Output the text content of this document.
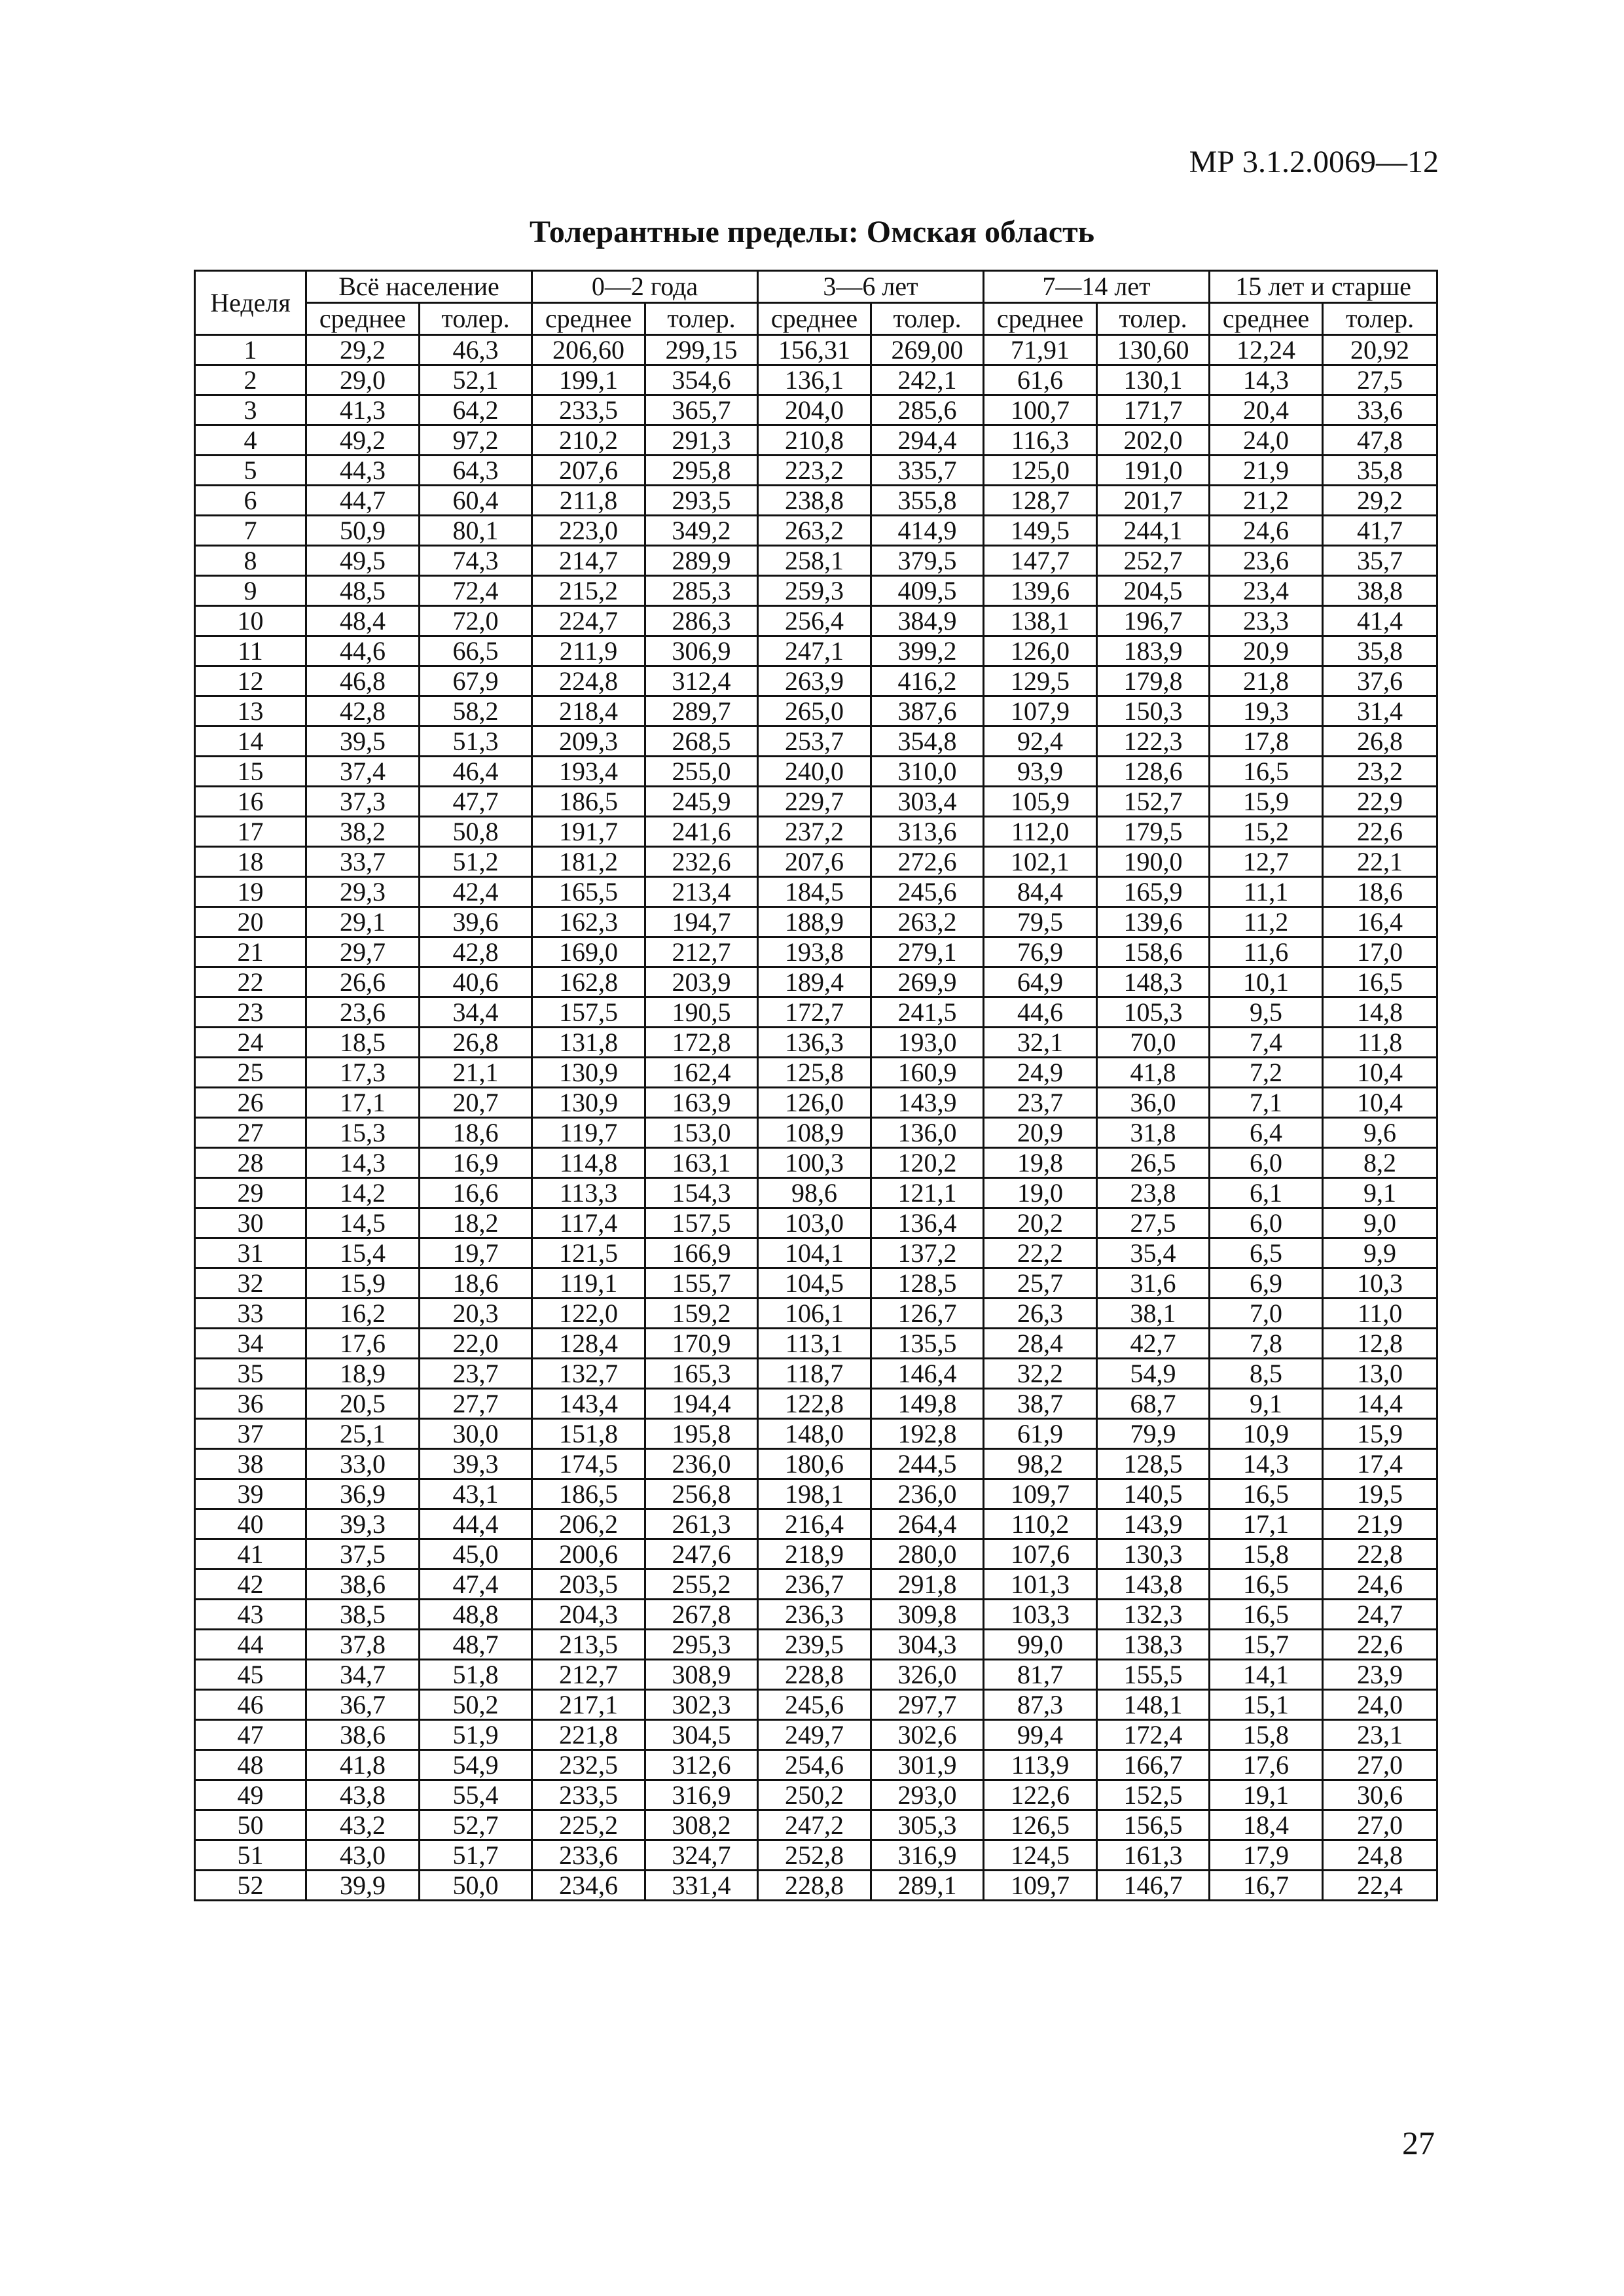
МР 3.1.2.0069—12
Толерантные пределы: Омская область
Неделя	Всё население		0—2 года		3—6 лет		7—14 лет		15 лет и старше	
	среднее	толер.	среднее	толер.	среднее	толер.	среднее	толер.	среднее	толер.
1	29,2	46,3	206,60	299,15	156,31	269,00	71,91	130,60	12,24	20,92
2	29,0	52,1	199,1	354,6	136,1	242,1	61,6	130,1	14,3	27,5
3	41,3	64,2	233,5	365,7	204,0	285,6	100,7	171,7	20,4	33,6
4	49,2	97,2	210,2	291,3	210,8	294,4	116,3	202,0	24,0	47,8
5	44,3	64,3	207,6	295,8	223,2	335,7	125,0	191,0	21,9	35,8
6	44,7	60,4	211,8	293,5	238,8	355,8	128,7	201,7	21,2	29,2
7	50,9	80,1	223,0	349,2	263,2	414,9	149,5	244,1	24,6	41,7
8	49,5	74,3	214,7	289,9	258,1	379,5	147,7	252,7	23,6	35,7
9	48,5	72,4	215,2	285,3	259,3	409,5	139,6	204,5	23,4	38,8
10	48,4	72,0	224,7	286,3	256,4	384,9	138,1	196,7	23,3	41,4
11	44,6	66,5	211,9	306,9	247,1	399,2	126,0	183,9	20,9	35,8
12	46,8	67,9	224,8	312,4	263,9	416,2	129,5	179,8	21,8	37,6
13	42,8	58,2	218,4	289,7	265,0	387,6	107,9	150,3	19,3	31,4
14	39,5	51,3	209,3	268,5	253,7	354,8	92,4	122,3	17,8	26,8
15	37,4	46,4	193,4	255,0	240,0	310,0	93,9	128,6	16,5	23,2
16	37,3	47,7	186,5	245,9	229,7	303,4	105,9	152,7	15,9	22,9
17	38,2	50,8	191,7	241,6	237,2	313,6	112,0	179,5	15,2	22,6
18	33,7	51,2	181,2	232,6	207,6	272,6	102,1	190,0	12,7	22,1
19	29,3	42,4	165,5	213,4	184,5	245,6	84,4	165,9	11,1	18,6
20	29,1	39,6	162,3	194,7	188,9	263,2	79,5	139,6	11,2	16,4
21	29,7	42,8	169,0	212,7	193,8	279,1	76,9	158,6	11,6	17,0
22	26,6	40,6	162,8	203,9	189,4	269,9	64,9	148,3	10,1	16,5
23	23,6	34,4	157,5	190,5	172,7	241,5	44,6	105,3	9,5	14,8
24	18,5	26,8	131,8	172,8	136,3	193,0	32,1	70,0	7,4	11,8
25	17,3	21,1	130,9	162,4	125,8	160,9	24,9	41,8	7,2	10,4
26	17,1	20,7	130,9	163,9	126,0	143,9	23,7	36,0	7,1	10,4
27	15,3	18,6	119,7	153,0	108,9	136,0	20,9	31,8	6,4	9,6
28	14,3	16,9	114,8	163,1	100,3	120,2	19,8	26,5	6,0	8,2
29	14,2	16,6	113,3	154,3	98,6	121,1	19,0	23,8	6,1	9,1
30	14,5	18,2	117,4	157,5	103,0	136,4	20,2	27,5	6,0	9,0
31	15,4	19,7	121,5	166,9	104,1	137,2	22,2	35,4	6,5	9,9
32	15,9	18,6	119,1	155,7	104,5	128,5	25,7	31,6	6,9	10,3
33	16,2	20,3	122,0	159,2	106,1	126,7	26,3	38,1	7,0	11,0
34	17,6	22,0	128,4	170,9	113,1	135,5	28,4	42,7	7,8	12,8
35	18,9	23,7	132,7	165,3	118,7	146,4	32,2	54,9	8,5	13,0
36	20,5	27,7	143,4	194,4	122,8	149,8	38,7	68,7	9,1	14,4
37	25,1	30,0	151,8	195,8	148,0	192,8	61,9	79,9	10,9	15,9
38	33,0	39,3	174,5	236,0	180,6	244,5	98,2	128,5	14,3	17,4
39	36,9	43,1	186,5	256,8	198,1	236,0	109,7	140,5	16,5	19,5
40	39,3	44,4	206,2	261,3	216,4	264,4	110,2	143,9	17,1	21,9
41	37,5	45,0	200,6	247,6	218,9	280,0	107,6	130,3	15,8	22,8
42	38,6	47,4	203,5	255,2	236,7	291,8	101,3	143,8	16,5	24,6
43	38,5	48,8	204,3	267,8	236,3	309,8	103,3	132,3	16,5	24,7
44	37,8	48,7	213,5	295,3	239,5	304,3	99,0	138,3	15,7	22,6
45	34,7	51,8	212,7	308,9	228,8	326,0	81,7	155,5	14,1	23,9
46	36,7	50,2	217,1	302,3	245,6	297,7	87,3	148,1	15,1	24,0
47	38,6	51,9	221,8	304,5	249,7	302,6	99,4	172,4	15,8	23,1
48	41,8	54,9	232,5	312,6	254,6	301,9	113,9	166,7	17,6	27,0
49	43,8	55,4	233,5	316,9	250,2	293,0	122,6	152,5	19,1	30,6
50	43,2	52,7	225,2	308,2	247,2	305,3	126,5	156,5	18,4	27,0
51	43,0	51,7	233,6	324,7	252,8	316,9	124,5	161,3	17,9	24,8
52	39,9	50,0	234,6	331,4	228,8	289,1	109,7	146,7	16,7	22,4
27
